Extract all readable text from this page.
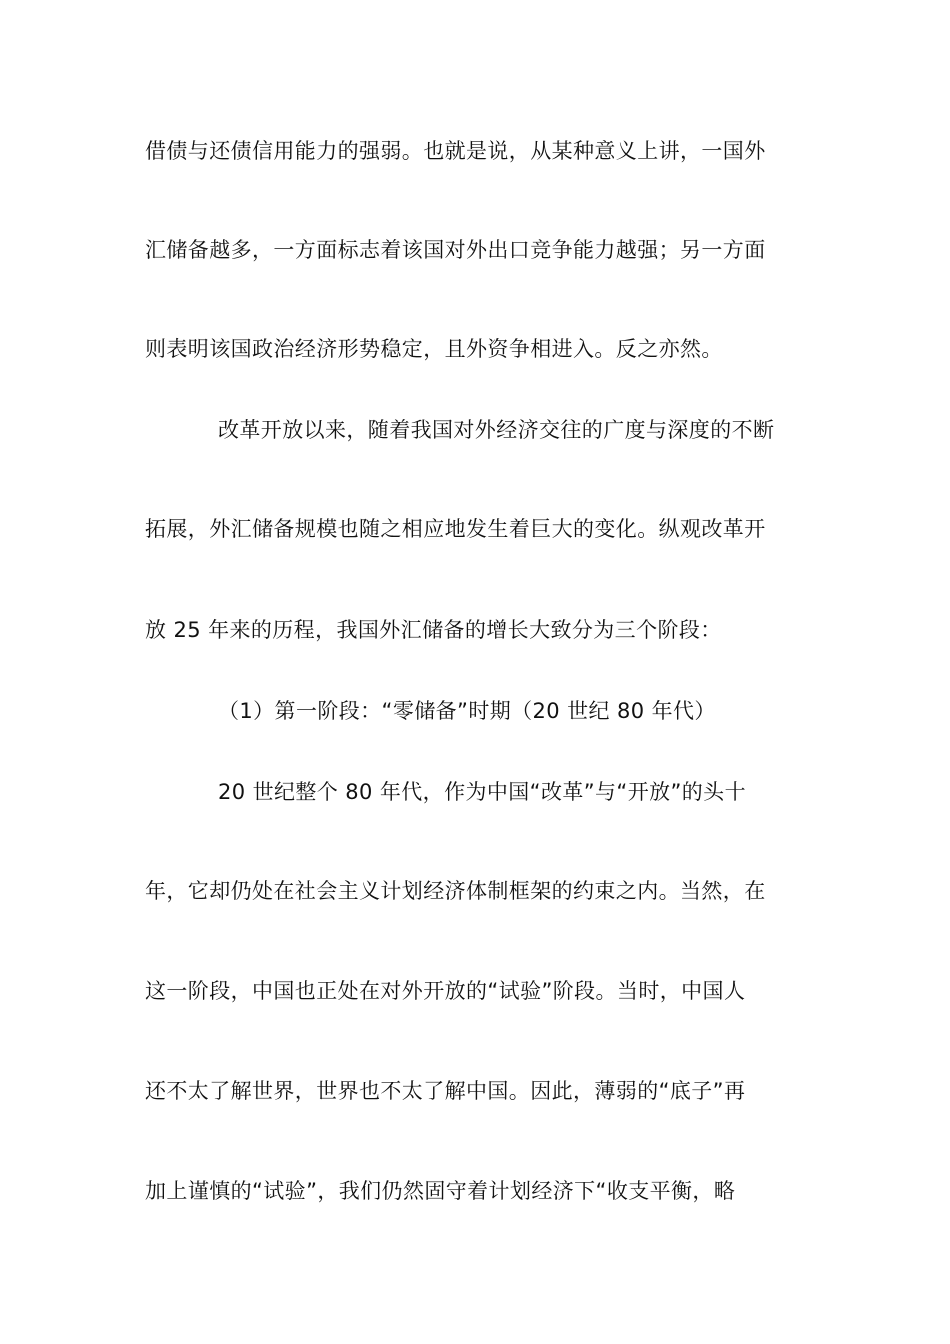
借债与还债信用能力的强弱。也就是说，从某种意义上讲，一国外
汇储备越多，一方面标志着该国对外出口竞争能力越强；另一方面
则表明该国政治经济形势稳定，且外资争相进入。反之亦然。
改革开放以来，随着我国对外经济交往的广度与深度的不断
拓展，外汇储备规模也随之相应地发生着巨大的变化。纵观改革开
放 25 年来的历程，我国外汇储备的增长大致分为三个阶段：
（1）第一阶段：“零储备”时期（20 世纪 80 年代）
20 世纪整个 80 年代，作为中国“改革”与“开放”的头十
年，它却仍处在社会主义计划经济体制框架的约束之内。当然，在
这一阶段，中国也正处在对外开放的“试验”阶段。当时，中国人
还不太了解世界，世界也不太了解中国。因此，薄弱的“底子”再
加上谨慎的“试验”，我们仍然固守着计划经济下“收支平衡，略
